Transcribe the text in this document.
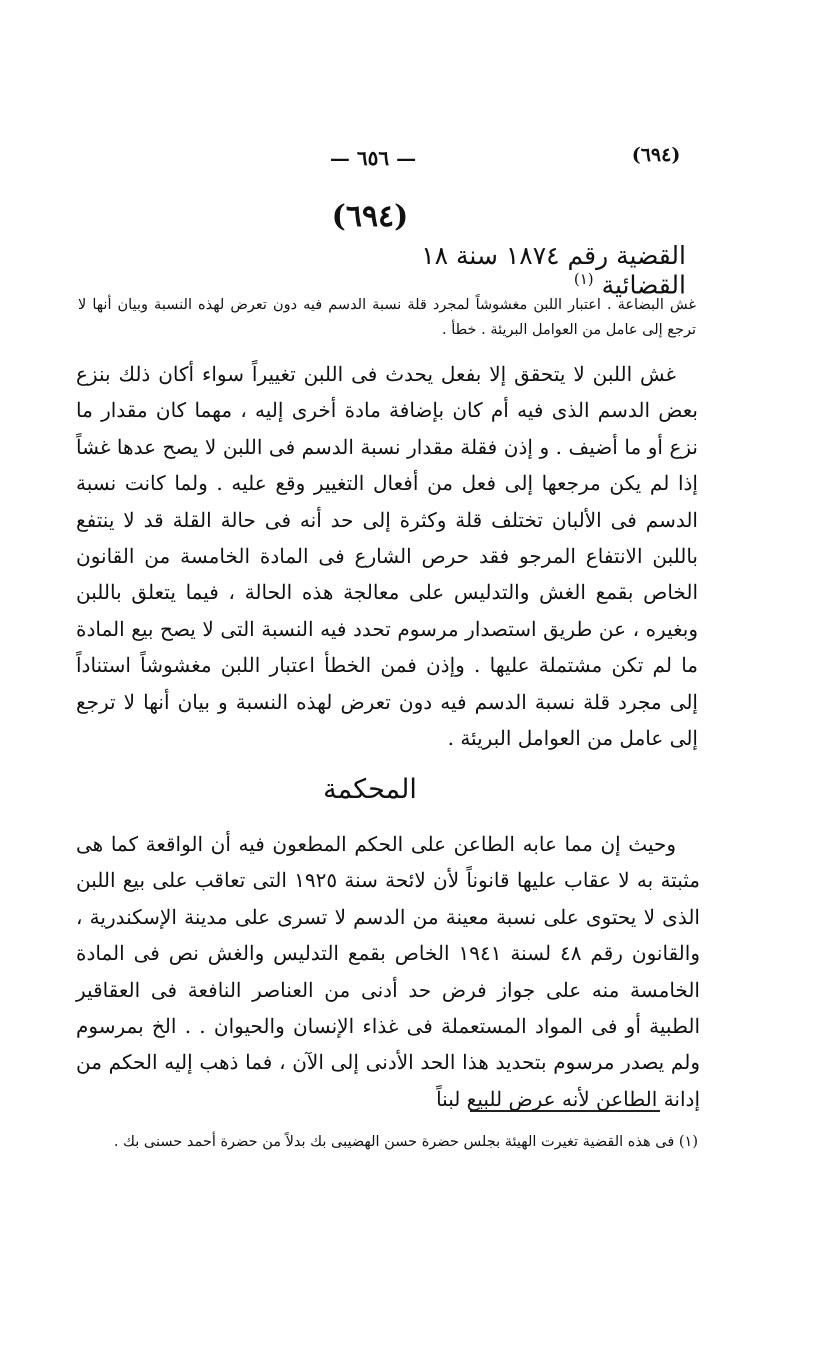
— ٦٥٦ —	(٦٩٤)
(٦٩٤)
القضية رقم ١٨٧٤ سنة ١٨ القضائية $^{(١)}$
غش البضاعة . اعتبار اللبن مغشوشاً لمجرد قلة نسبة الدسم فيه دون تعرض لهذه النسبة وبيان أنها لا ترجع إلى عامل من العوامل البريئة . خطأ .
غش اللبن لا يتحقق إلا بفعل يحدث فى اللبن تغييراً سواء أكان ذلك بنزع بعض الدسم الذى فيه أم كان بإضافة مادة أخرى إليه ، مهما كان مقدار ما نزع أو ما أضيف . و إذن فقلة مقدار نسبة الدسم فى اللبن لا يصح عدها غشاً إذا لم يكن مرجعها إلى فعل من أفعال التغيير وقع عليه . ولما كانت نسبة الدسم فى الألبان تختلف قلة وكثرة إلى حد أنه فى حالة القلة قد لا ينتفع باللبن الانتفاع المرجو فقد حرص الشارع فى المادة الخامسة من القانون الخاص بقمع الغش والتدليس على معالجة هذه الحالة ، فيما يتعلق باللبن وبغيره ، عن طريق استصدار مرسوم تحدد فيه النسبة التى لا يصح بيع المادة ما لم تكن مشتملة عليها . وإذن فمن الخطأ اعتبار اللبن مغشوشاً استناداً إلى مجرد قلة نسبة الدسم فيه دون تعرض لهذه النسبة و بيان أنها لا ترجع إلى عامل من العوامل البريئة .
المحكمة
وحيث إن مما عابه الطاعن على الحكم المطعون فيه أن الواقعة كما هى مثبتة به لا عقاب عليها قانوناً لأن لائحة سنة ١٩٢٥ التى تعاقب على بيع اللبن الذى لا يحتوى على نسبة معينة من الدسم لا تسرى على مدينة الإسكندرية ، والقانون رقم ٤٨ لسنة ١٩٤١ الخاص بقمع التدليس والغش نص فى المادة الخامسة منه على جواز فرض حد أدنى من العناصر النافعة فى العقاقير الطبية أو فى المواد المستعملة فى غذاء الإنسان والحيوان . . الخ بمرسوم ولم يصدر مرسوم بتحديد هذا الحد الأدنى إلى الآن ، فما ذهب إليه الحكم من إدانة الطاعن لأنه عرض للبيع لبناً
(١) فى هذه القضية تغيرت الهيئة بجلس حضرة حسن الهضيبى بك بدلاً من حضرة أحمد حسنى بك .
